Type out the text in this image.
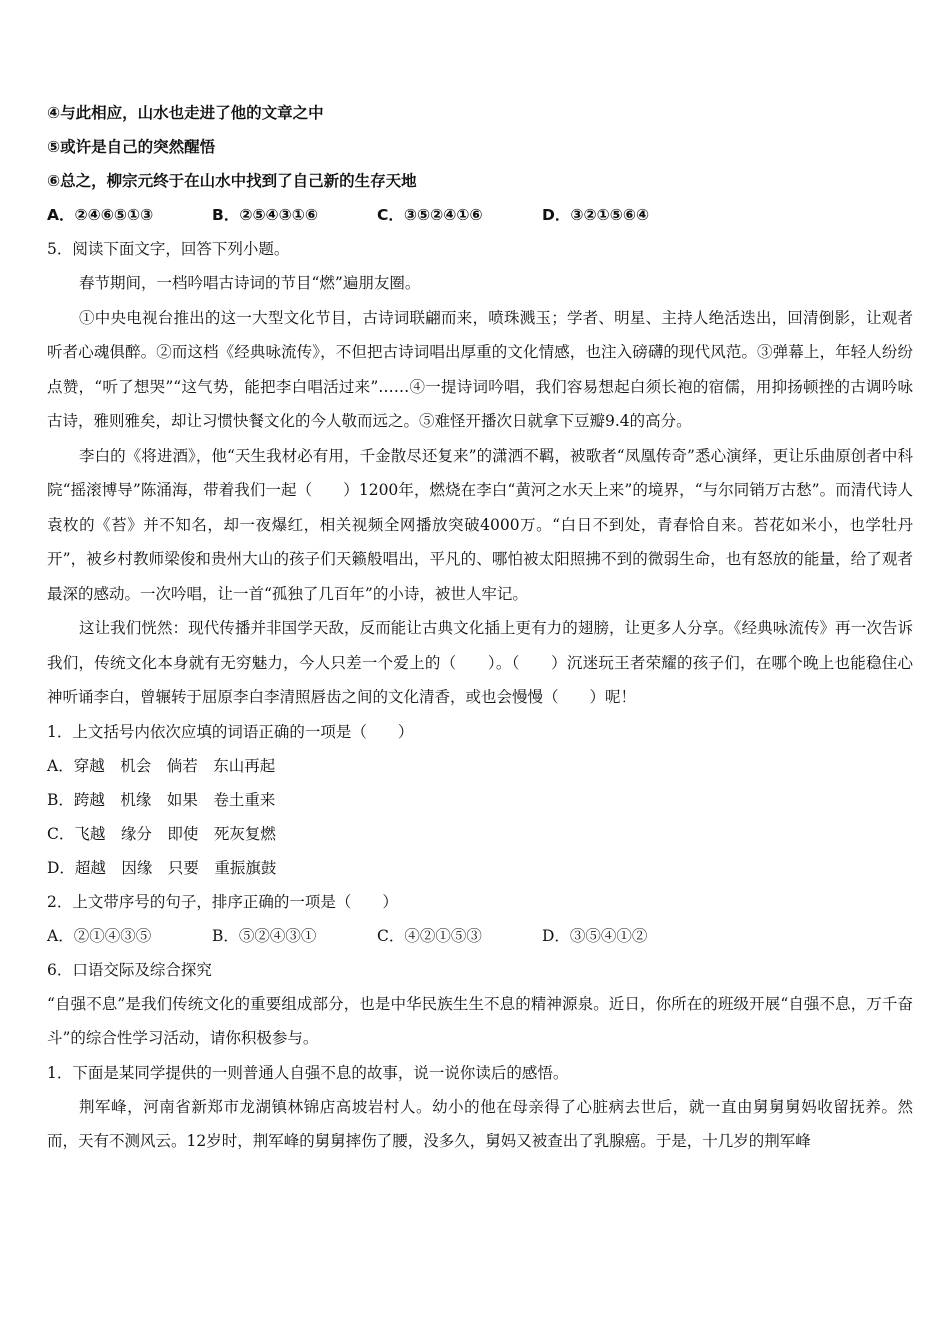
④与此相应，山水也走进了他的文章之中
⑤或许是自己的突然醒悟
⑥总之，柳宗元终于在山水中找到了自己新的生存天地
A．②④⑥⑤①③	B．②⑤④③①⑥	C．③⑤②④①⑥	D．③②①⑤⑥④
5．阅读下面文字，回答下列小题。
春节期间，一档吟唱古诗词的节目“燃”遍朋友圈。
①中央电视台推出的这一大型文化节目，古诗词联翩而来，喷珠溅玉；学者、明星、主持人绝活迭出，回清倒影，让观者听者心魂俱醉。②而这档《经典咏流传》，不但把古诗词唱出厚重的文化情感，也注入磅礴的现代风范。③弹幕上，年轻人纷纷点赞，“听了想哭”“这气势，能把李白唱活过来”……④一提诗词吟唱，我们容易想起白须长袍的宿儒，用抑扬顿挫的古调吟咏古诗，雅则雅矣，却让习惯快餐文化的今人敬而远之。⑤难怪开播次日就拿下豆瓣9.4的高分。
李白的《将进酒》，他“天生我材必有用，千金散尽还复来”的潇洒不羁，被歌者“凤凰传奇”悉心演绎，更让乐曲原创者中科院“摇滚博导”陈涌海，带着我们一起（　　）1200年，燃烧在李白“黄河之水天上来”的境界，“与尔同销万古愁”。而清代诗人袁枚的《苔》并不知名，却一夜爆红，相关视频全网播放突破4000万。“白日不到处，青春恰自来。苔花如米小，也学牡丹开”，被乡村教师梁俊和贵州大山的孩子们天籁般唱出，平凡的、哪怕被太阳照拂不到的微弱生命，也有怒放的能量，给了观者最深的感动。一次吟唱，让一首“孤独了几百年”的小诗，被世人牢记。
这让我们恍然：现代传播并非国学天敌，反而能让古典文化插上更有力的翅膀，让更多人分享。《经典咏流传》再一次告诉我们，传统文化本身就有无穷魅力，今人只差一个爱上的（　　）。（　　）沉迷玩王者荣耀的孩子们，在哪个晚上也能稳住心神听诵李白，曾辗转于屈原李白李清照唇齿之间的文化清香，或也会慢慢（　　）呢！
1．上文括号内依次应填的词语正确的一项是（　　）
A．穿越　机会　倘若　东山再起
B．跨越　机缘　如果　卷土重来
C．飞越　缘分　即使　死灰复燃
D．超越　因缘　只要　重振旗鼓
2．上文带序号的句子，排序正确的一项是（　　）
A．②①④③⑤	B．⑤②④③①	C．④②①⑤③	D．③⑤④①②
6．口语交际及综合探究
“自强不息”是我们传统文化的重要组成部分，也是中华民族生生不息的精神源泉。近日，你所在的班级开展“自强不息，万千奋斗”的综合性学习活动，请你积极参与。
1．下面是某同学提供的一则普通人自强不息的故事，说一说你读后的感悟。
荆军峰，河南省新郑市龙湖镇林锦店高坡岩村人。幼小的他在母亲得了心脏病去世后，就一直由舅舅舅妈收留抚养。然而，天有不测风云。12岁时，荆军峰的舅舅摔伤了腰，没多久，舅妈又被查出了乳腺癌。于是，十几岁的荆军峰
